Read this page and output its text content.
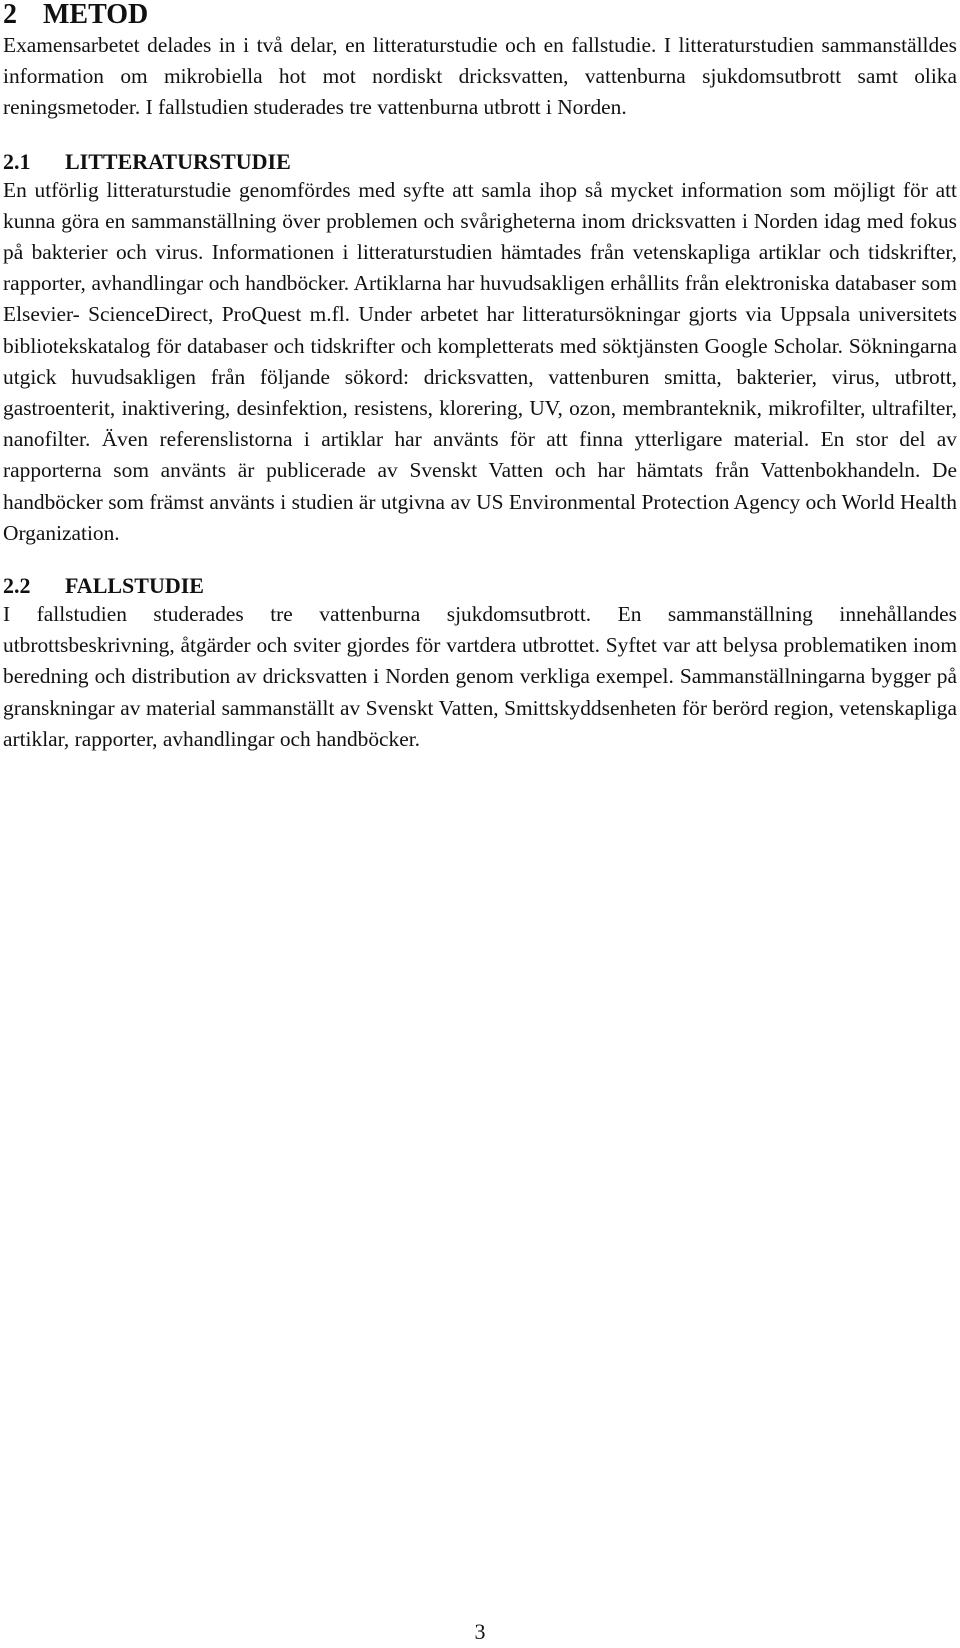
2 METOD

Examensarbetet delades in i två delar, en litteraturstudie och en fallstudie. I litteraturstudien sammanställdes information om mikrobiella hot mot nordiskt dricksvatten, vattenburna sjukdomsutbrott samt olika reningsmetoder. I fallstudien studerades tre vattenburna utbrott i Norden.

2.1	LITTERATURSTUDIE

En utförlig litteraturstudie genomfördes med syfte att samla ihop så mycket information som möjligt för att kunna göra en sammanställning över problemen och svårigheterna inom dricksvatten i Norden idag med fokus på bakterier och virus. Informationen i litteraturstudien hämtades från vetenskapliga artiklar och tidskrifter, rapporter, avhandlingar och handböcker. Artiklarna har huvudsakligen erhållits från elektroniska databaser som Elsevier- ScienceDirect, ProQuest m.fl. Under arbetet har litteratursökningar gjorts via Uppsala universitets bibliotekskatalog för databaser och tidskrifter och kompletterats med söktjänsten Google Scholar. Sökningarna utgick huvudsakligen från följande sökord: dricksvatten, vattenburen smitta, bakterier, virus, utbrott, gastroenterit, inaktivering, desinfektion, resistens, klorering, UV, ozon, membranteknik, mikrofilter, ultrafilter, nanofilter. Även referenslistorna i artiklar har använts för att finna ytterligare material. En stor del av rapporterna som använts är publicerade av Svenskt Vatten och har hämtats från Vattenbokhandeln. De handböcker som främst använts i studien är utgivna av US Environmental Protection Agency och World Health Organization.

2.2	FALLSTUDIE

I fallstudien studerades tre vattenburna sjukdomsutbrott. En sammanställning innehållandes utbrottsbeskrivning, åtgärder och sviter gjordes för vartdera utbrottet. Syftet var att belysa problematiken inom beredning och distribution av dricksvatten i Norden genom verkliga exempel. Sammanställningarna bygger på granskningar av material sammanställt av Svenskt Vatten, Smittskyddsenheten för berörd region, vetenskapliga artiklar, rapporter, avhandlingar och handböcker.

3
